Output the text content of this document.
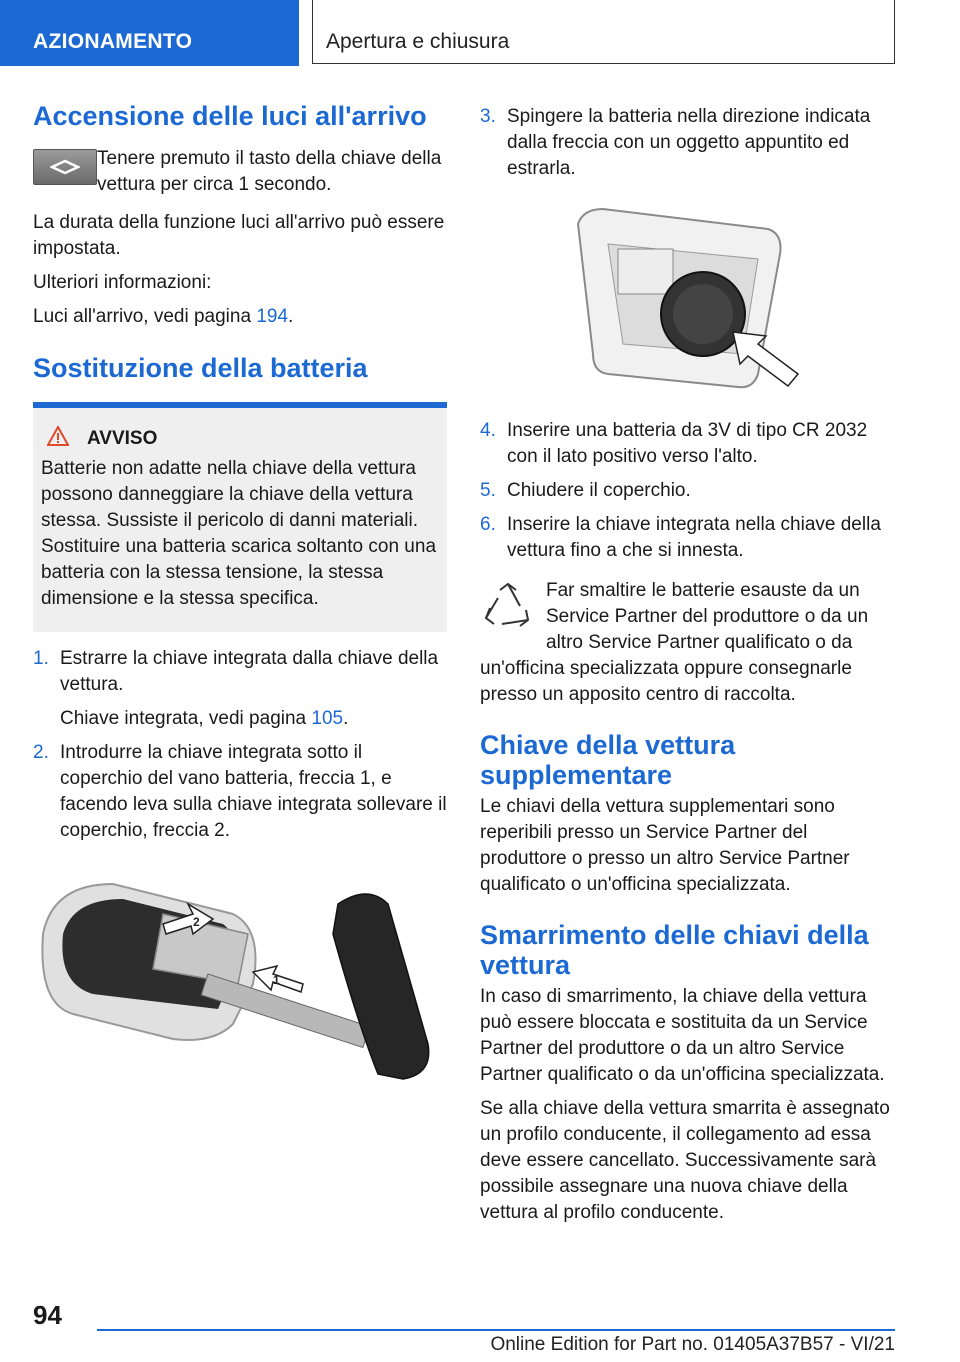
AZIONAMENTO	Apertura e chiusura
Accensione delle luci all'arrivo

Tenere premuto il tasto della chiave della vettura per circa 1 secondo.

La durata della funzione luci all'arrivo può essere impostata.

Ulteriori informazioni:

Luci all'arrivo, vedi pagina 194.

Sostituzione della batteria
AVVISO

Batterie non adatte nella chiave della vettura possono danneggiare la chiave della vettura stessa. Sussiste il pericolo di danni materiali. Sostituire una batteria scarica soltanto con una batteria con la stessa tensione, la stessa dimensione e la stessa specifica.

1. Estrarre la chiave integrata dalla chiave della vettura.
Chiave integrata, vedi pagina 105.
2. Introdurre la chiave integrata sotto il coperchio del vano batteria, freccia 1, e facendo leva sulla chiave integrata sollevare il coperchio, freccia 2.
2
1
3. Spingere la batteria nella direzione indicata dalla freccia con un oggetto appuntito ed estrarla.
4. Inserire una batteria da 3V di tipo CR 2032 con il lato positivo verso l'alto.
5. Chiudere il coperchio.
6. Inserire la chiave integrata nella chiave della vettura fino a che si innesta.

Far smaltire le batterie esauste da un Service Partner del produttore o da un altro Service Partner qualificato o da un'officina specializzata oppure consegnarle presso un apposito centro di raccolta.

Chiave della vettura supplementare

Le chiavi della vettura supplementari sono reperibili presso un Service Partner del produttore o presso un altro Service Partner qualificato o un'officina specializzata.

Smarrimento delle chiavi della vettura

In caso di smarrimento, la chiave della vettura può essere bloccata e sostituita da un Service Partner del produttore o da un altro Service Partner qualificato o da un'officina specializzata.

Se alla chiave della vettura smarrita è assegnato un profilo conducente, il collegamento ad essa deve essere cancellato. Successivamente sarà possibile assegnare una nuova chiave della vettura al profilo conducente.

94
Online Edition for Part no. 01405A37B57 - VI/21
